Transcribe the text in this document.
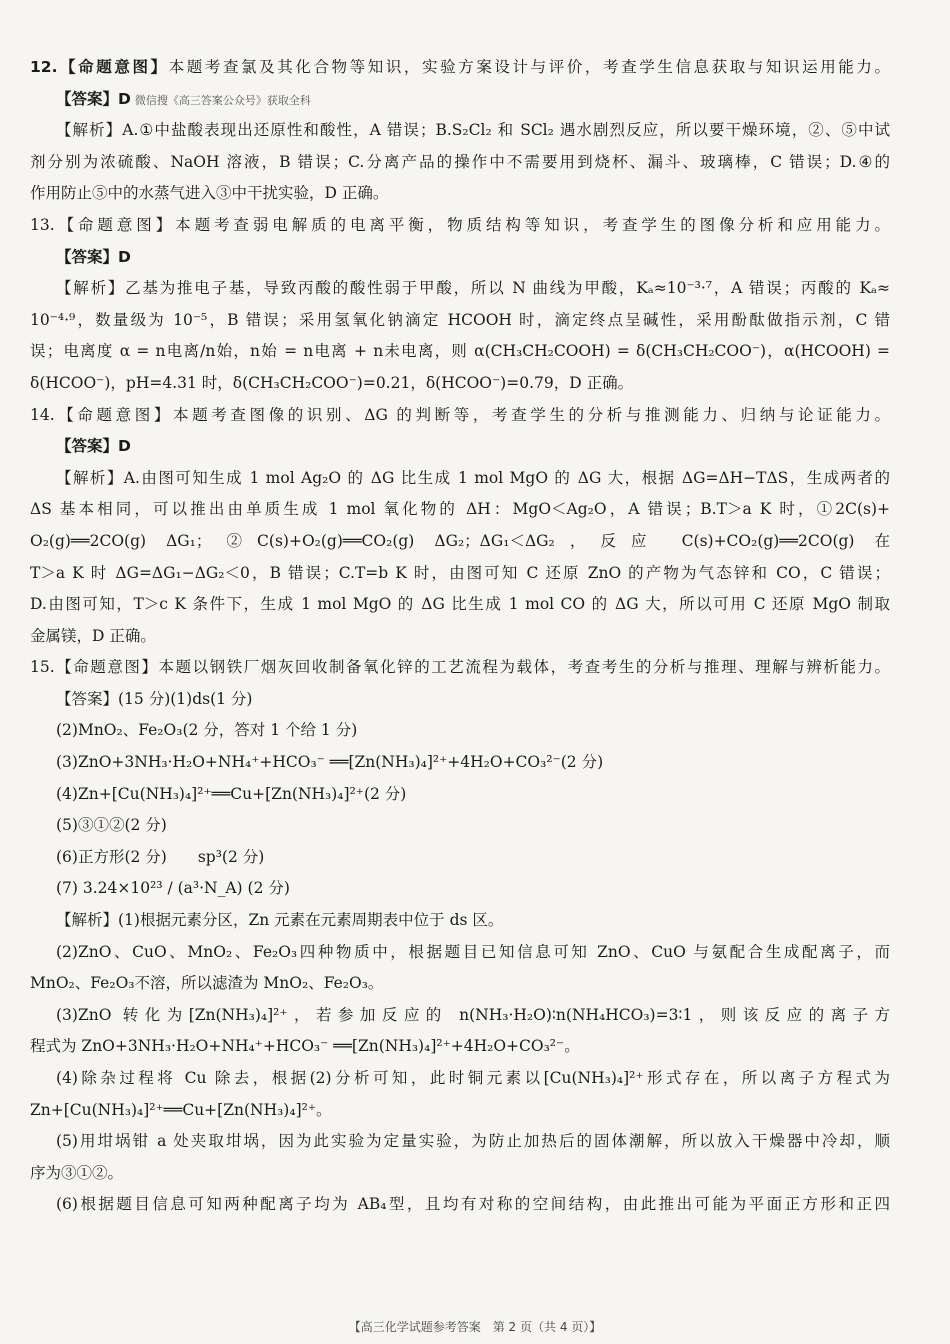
12.【命题意图】本题考查氯及其化合物等知识，实验方案设计与评价，考查学生信息获取与知识运用能力。
【答案】D 微信搜《高三答案公众号》获取全科
【解析】A.①中盐酸表现出还原性和酸性，A 错误；B.S₂Cl₂ 和 SCl₂ 遇水剧烈反应，所以要干燥环境，②、⑤中试
剂分别为浓硫酸、NaOH 溶液，B 错误；C.分离产品的操作中不需要用到烧杯、漏斗、玻璃棒，C 错误；D.④的
作用防止⑤中的水蒸气进入③中干扰实验，D 正确。
13.【命题意图】本题考查弱电解质的电离平衡，物质结构等知识，考查学生的图像分析和应用能力。
【答案】D
【解析】乙基为推电子基，导致丙酸的酸性弱于甲酸，所以 N 曲线为甲酸，Kₐ≈10⁻³·⁷，A 错误；丙酸的 Kₐ≈
10⁻⁴·⁹，数量级为 10⁻⁵，B 错误；采用氢氧化钠滴定 HCOOH 时，滴定终点呈碱性，采用酚酞做指示剂，C 错
误；电离度 α = n电离/n始，n始 = n电离 + n未电离，则 α(CH₃CH₂COOH) = δ(CH₃CH₂COO⁻)，α(HCOOH) =
δ(HCOO⁻)，pH=4.31 时，δ(CH₃CH₂COO⁻)=0.21，δ(HCOO⁻)=0.79，D 正确。
14.【命题意图】本题考查图像的识别、ΔG 的判断等，考查学生的分析与推测能力、归纳与论证能力。
【答案】D
【解析】A.由图可知生成 1 mol Ag₂O 的 ΔG 比生成 1 mol MgO 的 ΔG 大，根据 ΔG=ΔH−TΔS，生成两者的
ΔS 基本相同，可以推出由单质生成 1 mol 氧化物的 ΔH：MgO＜Ag₂O，A 错误；B.T＞a K 时，①2C(s)+
O₂(g)══2CO(g) ΔG₁；②C(s)+O₂(g)══CO₂(g) ΔG₂；ΔG₁＜ΔG₂，反应 C(s)+CO₂(g)══2CO(g) 在
T＞a K 时 ΔG=ΔG₁−ΔG₂＜0，B 错误；C.T=b K 时，由图可知 C 还原 ZnO 的产物为气态锌和 CO，C 错误；
D.由图可知，T＞c K 条件下，生成 1 mol MgO 的 ΔG 比生成 1 mol CO 的 ΔG 大，所以可用 C 还原 MgO 制取
金属镁，D 正确。
15.【命题意图】本题以钢铁厂烟灰回收制备氧化锌的工艺流程为载体，考查考生的分析与推理、理解与辨析能力。
【答案】(15 分)(1)ds(1 分)
(2)MnO₂、Fe₂O₃(2 分，答对 1 个给 1 分)
(3)ZnO+3NH₃·H₂O+NH₄⁺+HCO₃⁻ ══[Zn(NH₃)₄]²⁺+4H₂O+CO₃²⁻(2 分)
(4)Zn+[Cu(NH₃)₄]²⁺══Cu+[Zn(NH₃)₄]²⁺(2 分)
(5)③①②(2 分)
(6)正方形(2 分)　　sp³(2 分)
(7) 3.24×10²³ / (a³·N_A) (2 分)
【解析】(1)根据元素分区，Zn 元素在元素周期表中位于 ds 区。
(2)ZnO、CuO、MnO₂、Fe₂O₃四种物质中，根据题目已知信息可知 ZnO、CuO 与氨配合生成配离子，而
MnO₂、Fe₂O₃不溶，所以滤渣为 MnO₂、Fe₂O₃。
(3)ZnO 转化为[Zn(NH₃)₄]²⁺，若参加反应的 n(NH₃·H₂O)∶n(NH₄HCO₃)=3∶1，则该反应的离子方
程式为 ZnO+3NH₃·H₂O+NH₄⁺+HCO₃⁻ ══[Zn(NH₃)₄]²⁺+4H₂O+CO₃²⁻。
(4)除杂过程将 Cu 除去，根据(2)分析可知，此时铜元素以[Cu(NH₃)₄]²⁺形式存在，所以离子方程式为
Zn+[Cu(NH₃)₄]²⁺══Cu+[Zn(NH₃)₄]²⁺。
(5)用坩埚钳 a 处夹取坩埚，因为此实验为定量实验，为防止加热后的固体潮解，所以放入干燥器中冷却，顺
序为③①②。
(6)根据题目信息可知两种配离子均为 AB₄型，且均有对称的空间结构，由此推出可能为平面正方形和正四
【高三化学试题参考答案　第 2 页（共 4 页）】
